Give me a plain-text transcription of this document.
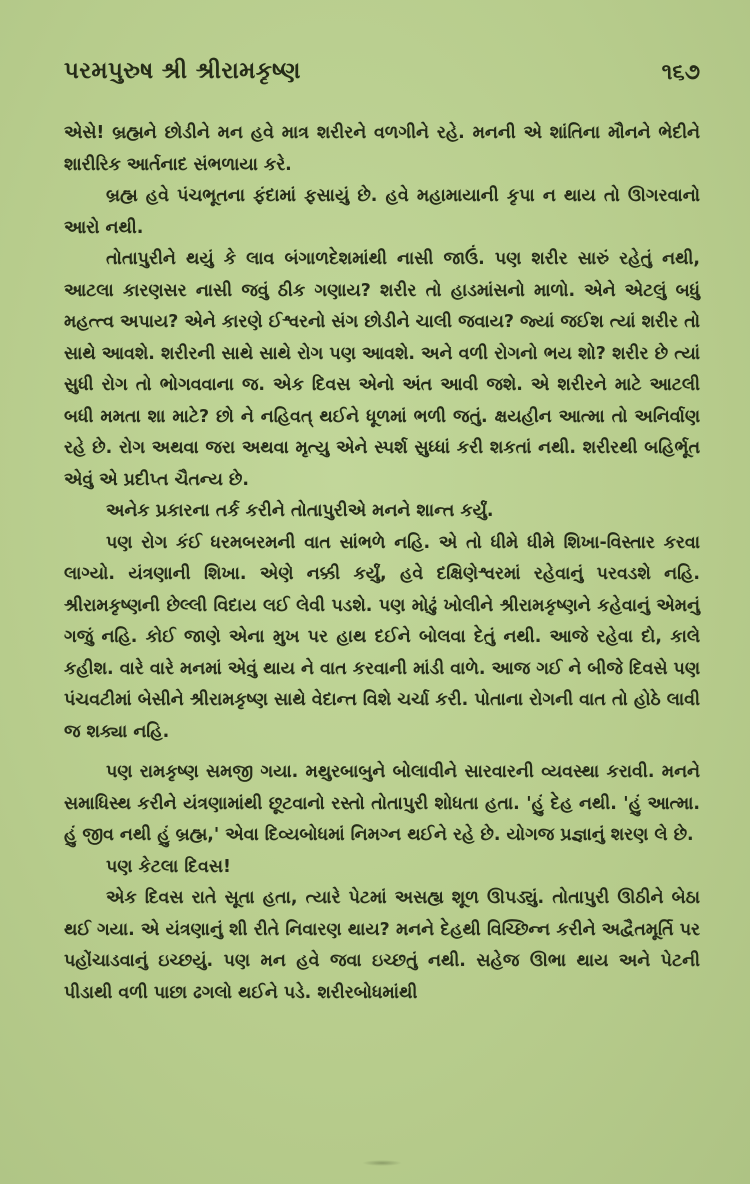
પરમપુરુષ શ્રી શ્રીરામકૃષ્ણ	૧૬૭

એસે! બ્રહ્મને છોડીને મન હવે માત્ર શરીરને વળગીને રહે. મનની એ શાંતિના મૌનને ભેદીને શારીરિક આર્તનાદ સંભળાયા કરે.

બ્રહ્મ હવે પંચભૂતના ફંદામાં ફસાયું છે. હવે મહામાયાની કૃપા ન થાય તો ઊગરવાનો આરો નથી.

તોતાપુરીને થયું કે લાવ બંગાળદેશમાંથી નાસી જાઉં. પણ શરીર સારું રહેતું નથી, આટલા કારણસર નાસી જવું ઠીક ગણાય? શરીર તો હાડમાંસનો માળો. એને એટલું બધું મહત્ત્વ અપાય? એને કારણે ઈશ્વરનો સંગ છોડીને ચાલી જવાય? જ્યાં જઈશ ત્યાં શરીર તો સાથે આવશે. શરીરની સાથે સાથે રોગ પણ આવશે. અને વળી રોગનો ભય શો? શરીર છે ત્યાં સુધી રોગ તો ભોગવવાના જ. એક દિવસ એનો અંત આવી જશે. એ શરીરને માટે આટલી બધી મમતા શા માટે? છો ને નહિવત્ થઈને ધૂળમાં ભળી જતું. ક્ષયહીન આત્મા તો અનિર્વાણ રહે છે. રોગ અથવા જરા અથવા મૃત્યુ એને સ્પર્શ સુધ્ધાં કરી શકતાં નથી. શરીરથી બહિર્ભૂત એવું એ પ્રદીપ્ત ચૈતન્ય છે.

અનેક પ્રકારના તર્ક કરીને તોતાપુરીએ મનને શાન્ત કર્યું.

પણ રોગ કંઈ ધરમબરમની વાત સાંભળે નહિ. એ તો ધીમે ધીમે શિખા-વિસ્તાર કરવા લાગ્યો. યંત્રણાની શિખા. એણે નક્કી કર્યું, હવે દક્ષિણેશ્વરમાં રહેવાનું પરવડશે નહિ. શ્રીરામકૃષ્ણની છેલ્લી વિદાય લઈ લેવી પડશે. પણ મોઢું ખોલીને શ્રીરામકૃષ્ણને કહેવાનું એમનું ગજું નહિ. કોઈ જાણે એના મુખ પર હાથ દઈને બોલવા દેતું નથી. આજે રહેવા દો, કાલે કહીશ. વારે વારે મનમાં એવું થાય ને વાત કરવાની માંડી વાળે. આજ ગઈ ને બીજે દિવસે પણ પંચવટીમાં બેસીને શ્રીરામકૃષ્ણ સાથે વેદાન્ત વિશે ચર્ચા કરી. પોતાના રોગની વાત તો હોઠે લાવી જ શક્યા નહિ.

પણ રામકૃષ્ણ સમજી ગયા. મથુરબાબુને બોલાવીને સારવારની વ્યવસ્થા કરાવી. મનને સમાધિસ્થ કરીને યંત્રણામાંથી છૂટવાનો રસ્તો તોતાપુરી શોધતા હતા. 'હું દેહ નથી. 'હું આત્મા. હું જીવ નથી હું બ્રહ્મ,' એવા દિવ્યબોધમાં નિમગ્ન થઈને રહે છે. યોગજ પ્રજ્ઞાનું શરણ લે છે.

પણ કેટલા દિવસ!

એક દિવસ રાતે સૂતા હતા, ત્યારે પેટમાં અસહ્ય શૂળ ઊપડ્યું. તોતાપુરી ઊઠીને બેઠા થઈ ગયા. એ યંત્રણાનું શી રીતે નિવારણ થાય? મનને દેહથી વિચ્છિન્ન કરીને અદ્વૈતમૂર્તિ પર પહોંચાડવાનું ઇચ્છયું. પણ મન હવે જવા ઇચ્છતું નથી. સહેજ ઊભા થાય અને પેટની પીડાથી વળી પાછા ઢગલો થઈને પડે. શરીરબોધમાંથી
